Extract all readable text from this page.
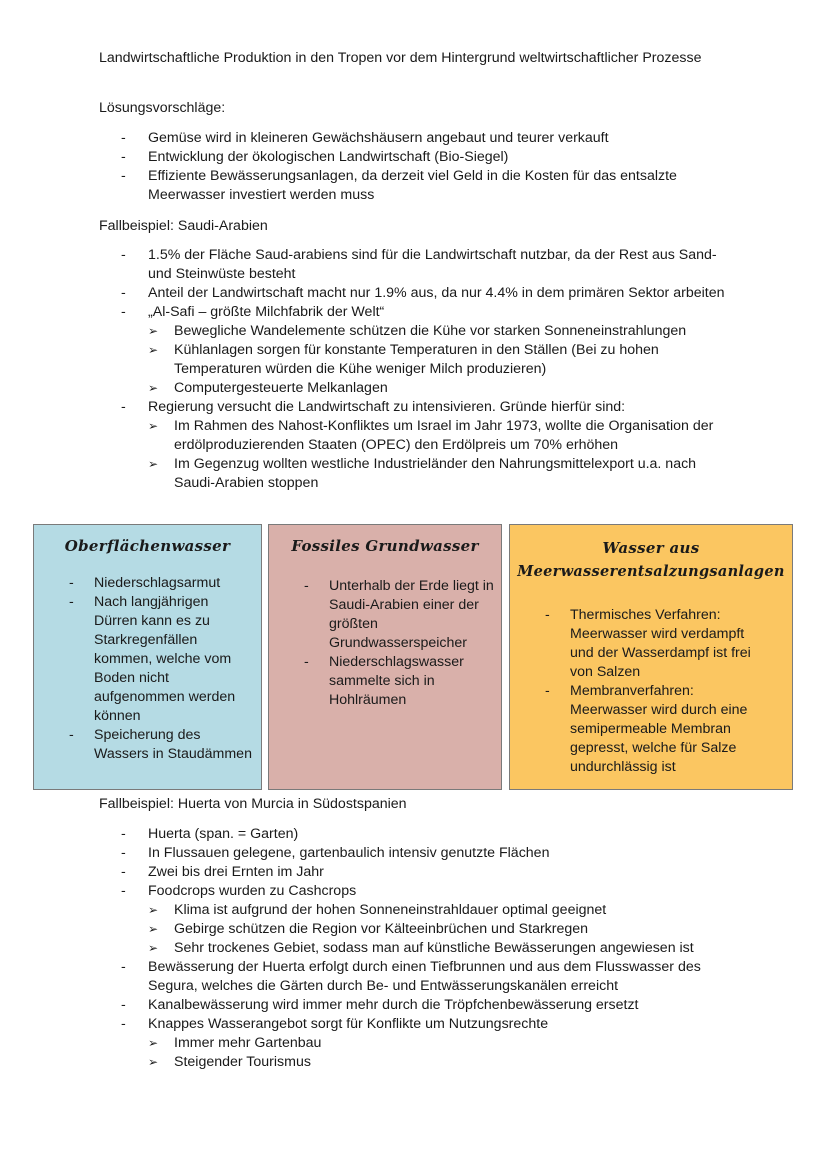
Landwirtschaftliche Produktion in den Tropen vor dem Hintergrund weltwirtschaftlicher Prozesse
Lösungsvorschläge:
- Gemüse wird in kleineren Gewächshäusern angebaut und teurer verkauft
- Entwicklung der ökologischen Landwirtschaft (Bio-Siegel)
- Effiziente Bewässerungsanlagen, da derzeit viel Geld in die Kosten für das entsalzte Meerwasser investiert werden muss
Fallbeispiel: Saudi-Arabien
- 1.5% der Fläche Saud-arabiens sind für die Landwirtschaft nutzbar, da der Rest aus Sand- und Steinwüste besteht
- Anteil der Landwirtschaft macht nur 1.9% aus, da nur 4.4% in dem primären Sektor arbeiten
- „Al-Safi – größte Milchfabrik der Welt“
➢ Bewegliche Wandelemente schützen die Kühe vor starken Sonneneinstrahlungen
➢ Kühlanlagen sorgen für konstante Temperaturen in den Ställen (Bei zu hohen Temperaturen würden die Kühe weniger Milch produzieren)
➢ Computergesteuerte Melkanlagen
- Regierung versucht die Landwirtschaft zu intensivieren. Gründe hierfür sind:
➢ Im Rahmen des Nahost-Konfliktes um Israel im Jahr 1973, wollte die Organisation der erdölproduzierenden Staaten (OPEC) den Erdölpreis um 70% erhöhen
➢ Im Gegenzug wollten westliche Industrieländer den Nahrungsmittelexport u.a. nach Saudi-Arabien stoppen
Oberflächenwasser
- Niederschlagsarmut
- Nach langjährigen Dürren kann es zu Starkregenfällen kommen, welche vom Boden nicht aufgenommen werden können
- Speicherung des Wassers in Staudämmen
Fossiles Grundwasser
- Unterhalb der Erde liegt in Saudi-Arabien einer der größten Grundwasserspeicher
- Niederschlagswasser sammelte sich in Hohlräumen
Wasser aus
Meerwasserentsalzungsanlagen
- Thermisches Verfahren: Meerwasser wird verdampft und der Wasserdampf ist frei von Salzen
- Membranverfahren: Meerwasser wird durch eine semipermeable Membran gepresst, welche für Salze undurchlässig ist
Fallbeispiel: Huerta von Murcia in Südostspanien
- Huerta (span. = Garten)
- In Flussauen gelegene, gartenbaulich intensiv genutzte Flächen
- Zwei bis drei Ernten im Jahr
- Foodcrops wurden zu Cashcrops
➢ Klima ist aufgrund der hohen Sonneneinstrahldauer optimal geeignet
➢ Gebirge schützen die Region vor Kälteeinbrüchen und Starkregen
➢ Sehr trockenes Gebiet, sodass man auf künstliche Bewässerungen angewiesen ist
- Bewässerung der Huerta erfolgt durch einen Tiefbrunnen und aus dem Flusswasser des Segura, welches die Gärten durch Be- und Entwässerungskanälen erreicht
- Kanalbewässerung wird immer mehr durch die Tröpfchenbewässerung ersetzt
- Knappes Wasserangebot sorgt für Konflikte um Nutzungsrechte
➢ Immer mehr Gartenbau
➢ Steigender Tourismus
